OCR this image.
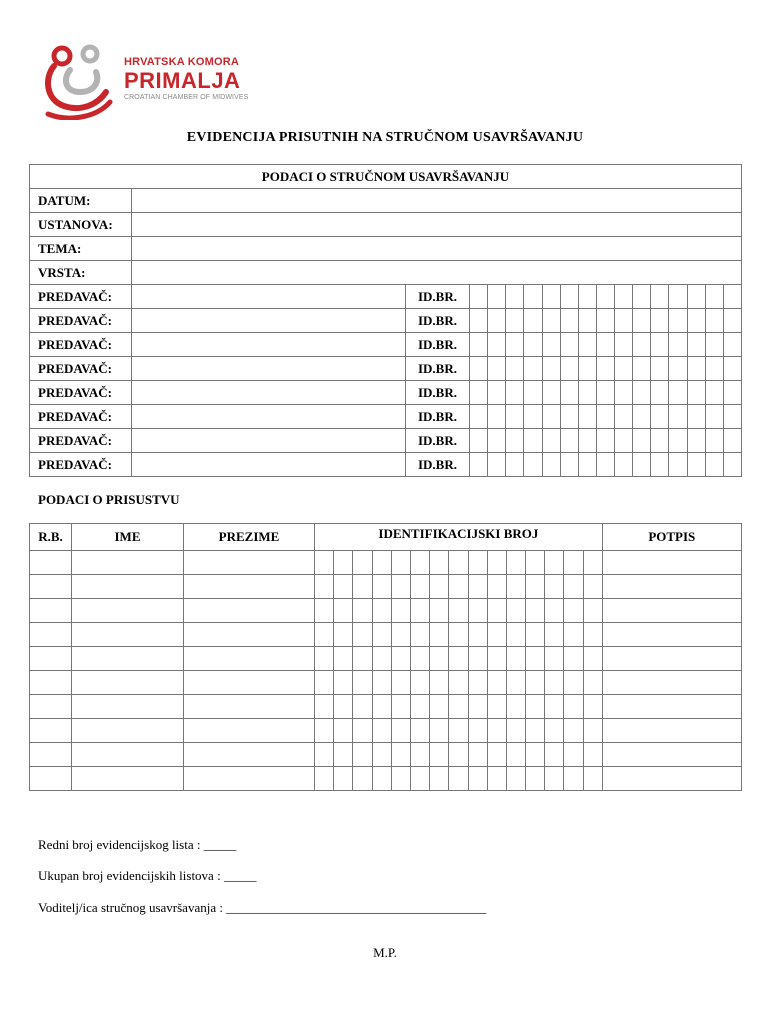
HRVATSKA KOMORA
PRIMALJA
CROATIAN CHAMBER OF MIDWIVES
EVIDENCIJA PRISUTNIH NA STRUČNOM USAVRŠAVANJU
PODACI O STRUČNOM USAVRŠAVANJU																	
DATUM:																	
USTANOVA:																	
TEMA:																	
VRSTA:																	
PREDAVAČ:		ID.BR.															
PREDAVAČ:		ID.BR.															
PREDAVAČ:		ID.BR.															
PREDAVAČ:		ID.BR.															
PREDAVAČ:		ID.BR.															
PREDAVAČ:		ID.BR.															
PREDAVAČ:		ID.BR.															
PREDAVAČ:		ID.BR.															
PODACI O PRISUSTVU
R.B.	IME	PREZIME	IDENTIFIKACIJSKI BROJ															POTPIS

Redni broj evidencijskog lista : _____
Ukupan broj evidencijskih listova : _____
Voditelj/ica stručnog usavršavanja : ________________________________________
M.P.
